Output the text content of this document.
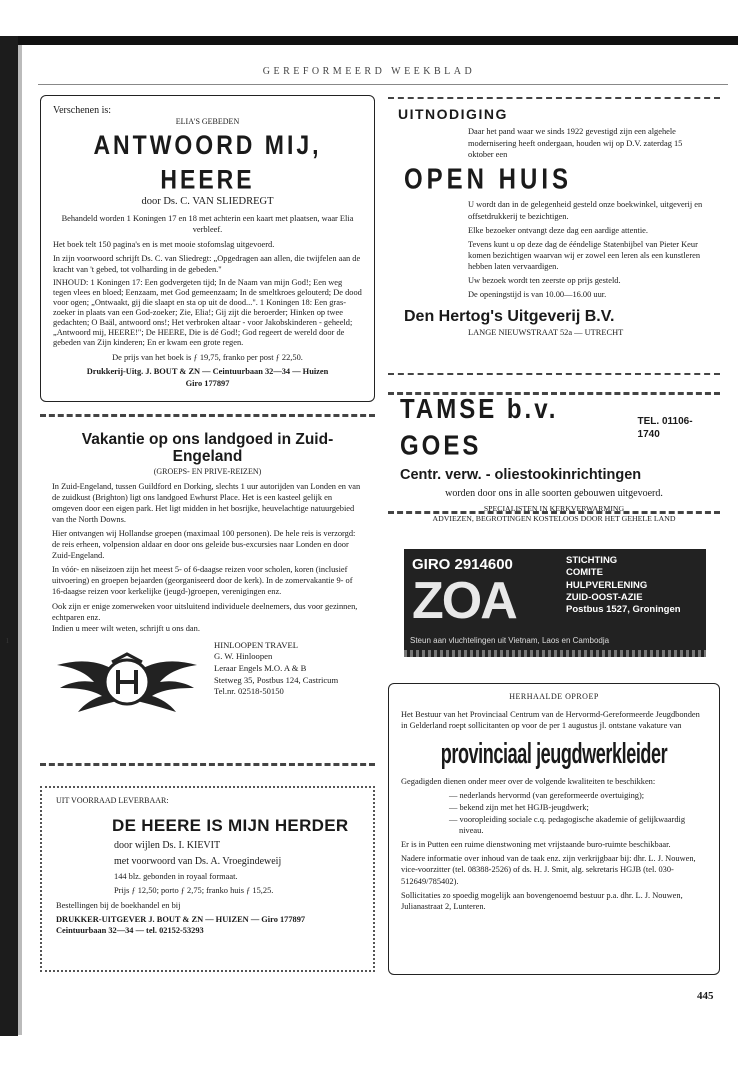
ı
GEREFORMEERD WEEKBLAD

Verschenen is:

ELIA'S GEBEDEN

ANTWOORD MIJ, HEERE
door Ds. C. VAN SLIEDREGT

Behandeld worden 1 Koningen 17 en 18 met achterin een kaart met plaatsen, waar Elia verbleef.

Het boek telt 150 pagina's en is met mooie stofomslag uitgevoerd.

In zijn voorwoord schrijft Ds. C. van Sliedregt: „Opgedragen aan allen, die twijfelen aan de kracht van 't gebed, tot volharding in de gebeden."

INHOUD: 1 Koningen 17: Een godvergeten tijd; In de Naam van mijn God!; Een weg tegen vlees en bloed; Eenzaam, met God gemeenzaam; In de smeltkroes gelouterd; De dood voor ogen; „Ontwaakt, gij die slaapt en sta op uit de dood...". 1 Koningen 18: Een gras-zoeker in plaats van een God-zoeker; Zie, Elia!; Gij zijt die beroerder; Hinken op twee gedachten; O Baäl, antwoord ons!; Het verbroken altaar - voor Jakobskinderen - geheeld; „Antwoord mij, HEERE!"; De HEERE, Die is dé God!; God regeert de wereld door de gebeden van Zijn kinderen; En er kwam een grote regen.

De prijs van het boek is ƒ 19,75, franko per post ƒ 22,50.

Drukkerij-Uitg. J. BOUT & ZN — Ceintuurbaan 32—34 — Huizen

Giro 177897

UITNODIGING

Daar het pand waar we sinds 1922 gevestigd zijn een algehele modernisering heeft ondergaan, houden wij op D.V. zaterdag 15 oktober een

OPEN HUIS

U wordt dan in de gelegenheid gesteld onze boekwinkel, uitgeverij en offsetdrukkerij te bezichtigen.

Elke bezoeker ontvangt deze dag een aardige attentie.

Tevens kunt u op deze dag de ééndelige Statenbijbel van Pieter Keur komen bezichtigen waarvan wij er zowel een leren als een kunstleren hebben laten vervaardigen.

Uw bezoek wordt ten zeerste op prijs gesteld.

De openingstijd is van 10.00—16.00 uur.

Den Hertog's Uitgeverij B.V.

LANGE NIEUWSTRAAT 52a — UTRECHT

TAMSE b.v. GOES
TEL. 01106-1740
Centr. verw. - oliestookinrichtingen

worden door ons in alle soorten gebouwen uitgevoerd.

SPECIALISTEN IN KERKVERWARMING

ADVIEZEN, BEGROTINGEN KOSTELOOS DOOR HET GEHELE LAND

Vakantie op ons landgoed in Zuid-Engeland

(GROEPS- EN PRIVE-REIZEN)

In Zuid-Engeland, tussen Guildford en Dorking, slechts 1 uur autorijden van Londen en van de zuidkust (Brighton) ligt ons landgoed Ewhurst Place. Het is een kasteel gelijk en omgeven door een eigen park. Het ligt midden in het bosrijke, heuvelachtige natuurgebied van the North Downs.

Hier ontvangen wij Hollandse groepen (maximaal 100 personen). De hele reis is verzorgd: de reis erheen, volpension aldaar en door ons geleide bus-excursies naar Londen en door Zuid-Engeland.

In vóór- en näseizoen zijn het meest 5- of 6-daagse reizen voor scholen, koren (inclusief uitvoering) en groepen bejaarden (georganiseerd door de kerk). In de zomervakantie 9- of 16-daagse reizen voor kerkelijke (jeugd-)groepen, verenigingen enz.

Ook zijn er enige zomerweken voor uitsluitend individuele deelnemers, dus voor gezinnen, echtparen enz.

Indien u meer wilt weten, schrijft u ons dan.

HINLOOPEN TRAVEL
G. W. Hinloopen
Leraar Engels M.O. A & B
Stetweg 35, Postbus 124, Castricum
Tel.nr. 02518-50150
GIRO 2914600
ZOA
STICHTING
COMITE
HULPVERLENING
ZUID-OOST-AZIE
Postbus 1527, Groningen
Steun aan vluchtelingen uit Vietnam, Laos en Cambodja
HERHAALDE OPROEP

Het Bestuur van het Provinciaal Centrum van de Hervormd-Gereformeerde Jeugdbonden in Gelderland roept sollicitanten op voor de per 1 augustus jl. ontstane vakature van

provinciaal jeugdwerkleider

Gegadigden dienen onder meer over de volgende kwaliteiten te beschikken:

— nederlands hervormd (van gereformeerde overtuiging);
— bekend zijn met het HGJB-jeugdwerk;
— vooropleiding sociale c.q. pedagogische akademie of gelijkwaardig niveau.

Er is in Putten een ruime dienstwoning met vrijstaande buro-ruimte beschikbaar.

Nadere informatie over inhoud van de taak enz. zijn verkrijgbaar bij: dhr. L. J. Nouwen, vice-voorzitter (tel. 08388-2526) of ds. H. J. Smit, alg. sekretaris HGJB (tel. 030-512649/785402).

Sollicitaties zo spoedig mogelijk aan bovengenoemd bestuur p.a. dhr. L. J. Nouwen, Julianastraat 2, Lunteren.

UIT VOORRAAD LEVERBAAR:

DE HEERE IS MIJN HERDER

door wijlen Ds. I. KIEVIT

met voorwoord van Ds. A. Vroegindeweij

144 blz. gebonden in royaal formaat.

Prijs ƒ 12,50; porto ƒ 2,75; franko huis ƒ 15,25.

Bestellingen bij de boekhandel en bij

DRUKKER-UITGEVER J. BOUT & ZN — HUIZEN — Giro 177897

Ceintuurbaan 32—34 — tel. 02152-53293

445
